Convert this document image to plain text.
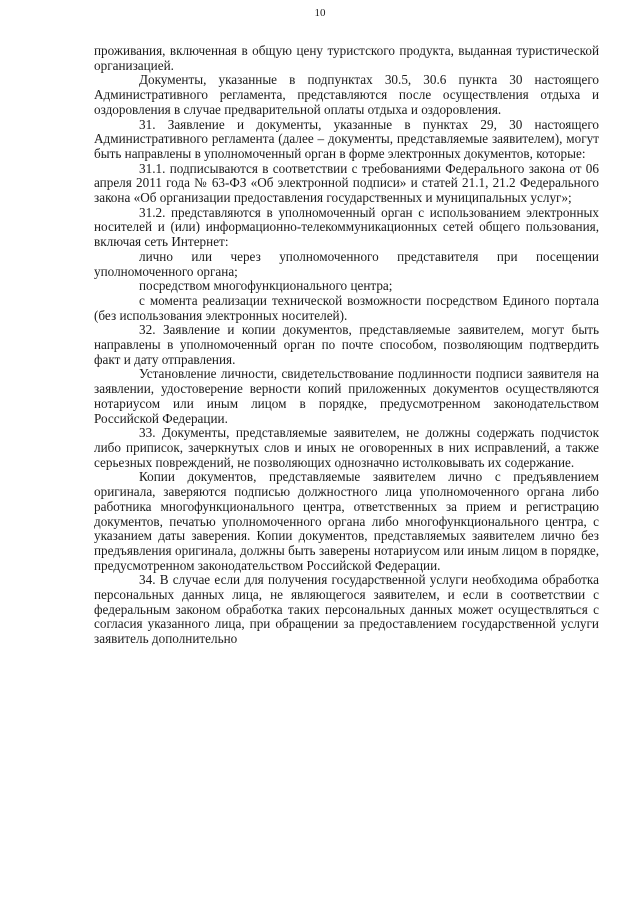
10

проживания, включенная в общую цену туристского продукта, выданная туристической организацией.

Документы, указанные в подпунктах 30.5, 30.6 пункта 30 настоящего Административного регламента, представляются после осуществления отдыха и оздоровления в случае предварительной оплаты отдыха и оздоровления.

31. Заявление и документы, указанные в пунктах 29, 30 настоящего Административного регламента (далее – документы, представляемые заявителем), могут быть направлены в уполномоченный орган в форме электронных документов, которые:

31.1. подписываются в соответствии с требованиями Федерального закона от 06 апреля 2011 года № 63-ФЗ «Об электронной подписи» и статей 21.1, 21.2 Федерального закона «Об организации предоставления государственных и муниципальных услуг»;

31.2. представляются в уполномоченный орган с использованием электронных носителей и (или) информационно-телекоммуникационных сетей общего пользования, включая сеть Интернет:

лично или через уполномоченного представителя при посещении уполномоченного органа;

посредством многофункционального центра;

с момента реализации технической возможности посредством Единого портала (без использования электронных носителей).

32. Заявление и копии документов, представляемые заявителем, могут быть направлены в уполномоченный орган по почте способом, позволяющим подтвердить факт и дату отправления.

Установление личности, свидетельствование подлинности подписи заявителя на заявлении, удостоверение верности копий приложенных документов осуществляются нотариусом или иным лицом в порядке, предусмотренном законодательством Российской Федерации.

33. Документы, представляемые заявителем, не должны содержать подчисток либо приписок, зачеркнутых слов и иных не оговоренных в них исправлений, а также серьезных повреждений, не позволяющих однозначно истолковывать их содержание.

Копии документов, представляемые заявителем лично с предъявлением оригинала, заверяются подписью должностного лица уполномоченного органа либо работника многофункционального центра, ответственных за прием и регистрацию документов, печатью уполномоченного органа либо многофункционального центра, с указанием даты заверения. Копии документов, представляемых заявителем лично без предъявления оригинала, должны быть заверены нотариусом или иным лицом в порядке, предусмотренном законодательством Российской Федерации.

34. В случае если для получения государственной услуги необходима обработка персональных данных лица, не являющегося заявителем, и если в соответствии с федеральным законом обработка таких персональных данных может осуществляться с согласия указанного лица, при обращении за предоставлением государственной услуги заявитель дополнительно
